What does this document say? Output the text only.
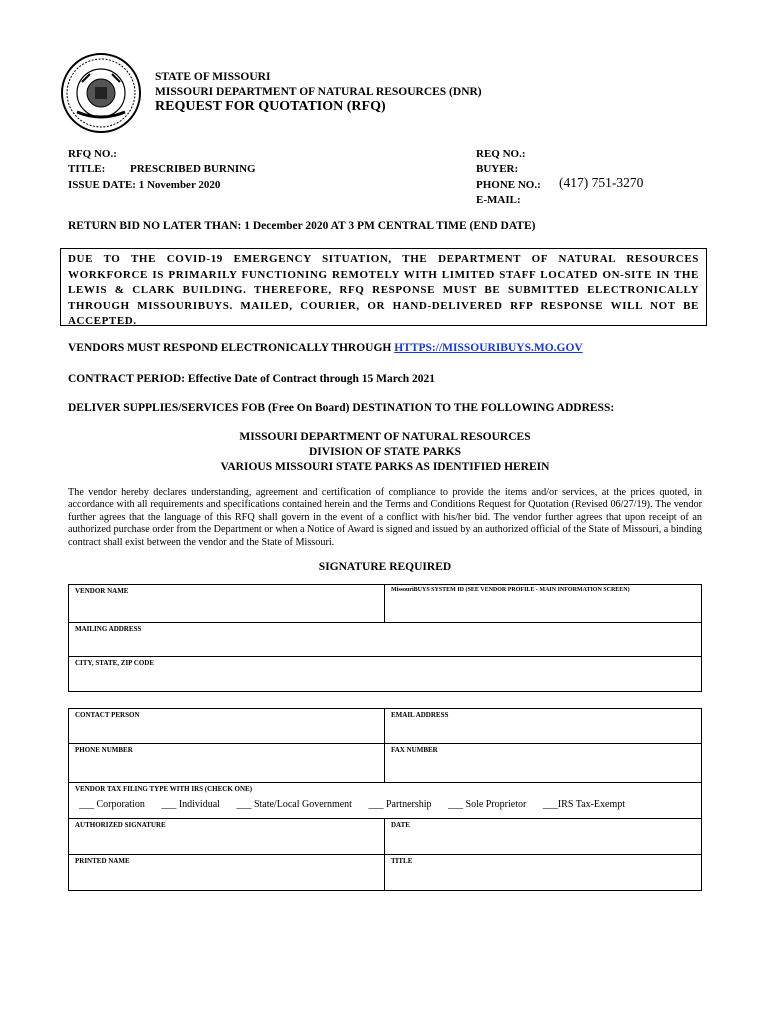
STATE OF MISSOURI
MISSOURI DEPARTMENT OF NATURAL RESOURCES (DNR)
REQUEST FOR QUOTATION (RFQ)
RFQ NO.:
TITLE: PRESCRIBED BURNING
ISSUE DATE: 1 November 2020
REQ NO.:
BUYER:
PHONE NO.: (417) 751-3270
E-MAIL:
RETURN BID NO LATER THAN: 1 December 2020 AT 3 PM CENTRAL TIME (END DATE)
DUE TO THE COVID-19 EMERGENCY SITUATION, THE DEPARTMENT OF NATURAL RESOURCES WORKFORCE IS PRIMARILY FUNCTIONING REMOTELY WITH LIMITED STAFF LOCATED ON-SITE IN THE LEWIS & CLARK BUILDING. THEREFORE, RFQ RESPONSE MUST BE SUBMITTED ELECTRONICALLY THROUGH MISSOURIBUYS. MAILED, COURIER, OR HAND-DELIVERED RFP RESPONSE WILL NOT BE ACCEPTED.
VENDORS MUST RESPOND ELECTRONICALLY THROUGH HTTPS://MISSOURIBUYS.MO.GOV
CONTRACT PERIOD: Effective Date of Contract through 15 March 2021
DELIVER SUPPLIES/SERVICES FOB (Free On Board) DESTINATION TO THE FOLLOWING ADDRESS:
MISSOURI DEPARTMENT OF NATURAL RESOURCES
DIVISION OF STATE PARKS
VARIOUS MISSOURI STATE PARKS AS IDENTIFIED HEREIN
The vendor hereby declares understanding, agreement and certification of compliance to provide the items and/or services, at the prices quoted, in accordance with all requirements and specifications contained herein and the Terms and Conditions Request for Quotation (Revised 06/27/19). The vendor further agrees that the language of this RFQ shall govern in the event of a conflict with his/her bid. The vendor further agrees that upon receipt of an authorized purchase order from the Department or when a Notice of Award is signed and issued by an authorized official of the State of Missouri, a binding contract shall exist between the vendor and the State of Missouri.
SIGNATURE REQUIRED
VENDOR NAME	MissouriBUYS SYSTEM ID (SEE VENDOR PROFILE - MAIN INFORMATION SCREEN)
MAILING ADDRESS
CITY, STATE, ZIP CODE
CONTACT PERSON	EMAIL ADDRESS
PHONE NUMBER	FAX NUMBER

VENDOR TAX FILING TYPE WITH IRS (CHECK ONE)
___ Corporation ___ Individual ___ State/Local Government ___ Partnership ___ Sole Proprietor ___IRS Tax-Exempt	

AUTHORIZED SIGNATURE	DATE
PRINTED NAME	TITLE
